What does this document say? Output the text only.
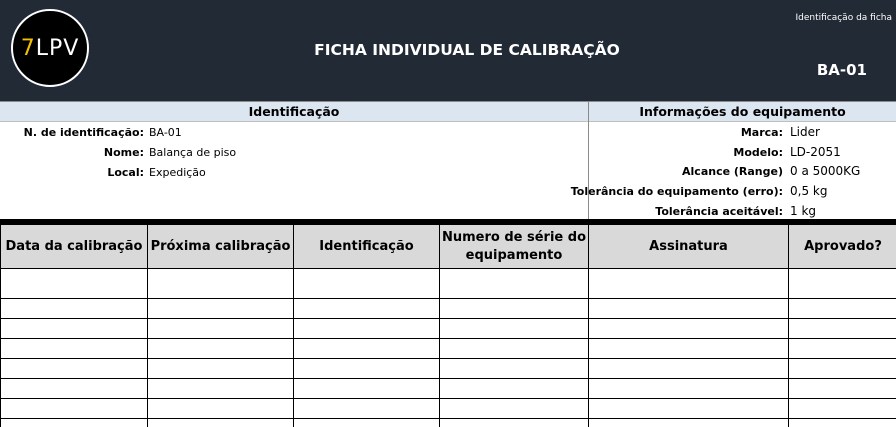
7LPV	FICHA INDIVIDUAL DE CALIBRAÇÃO
Identificação da ficha
BA-01
Identificação	Informações do equipamento
N. de identificação: BA-01
Nome: Balança de piso
Local: Expedição
Marca: Lider
Modelo: LD-2051
Alcance (Range) 0 a 5000KG
Tolerância do equipamento (erro): 0,5 kg
Tolerância aceitável: 1 kg
Data da calibração	Próxima calibração	Identificação	Numero de série do equipamento	Assinatura	Aprovado?
